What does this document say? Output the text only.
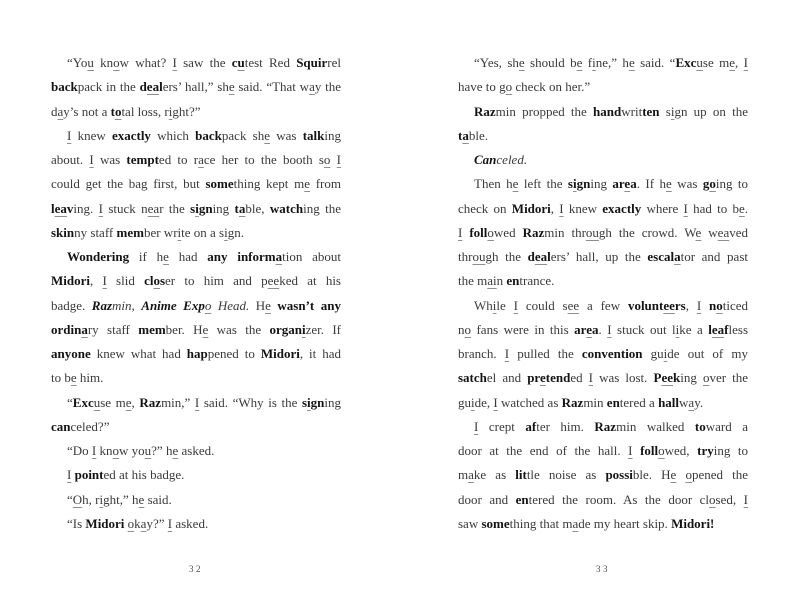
“You know what? I saw the cutest Red Squirrel
backpack in the dealers’ hall,” she said. “That way the
day’s not a total loss, right?”
I knew exactly which backpack she was talking
about. I was tempted to race her to the booth so I
could get the bag first, but something kept me from
leaving. I stuck near the signing table, watching the
skinny staff member write on a sign.
Wondering if he had any information about
Midori, I slid closer to him and peeked at his
badge. Razmin, Anime Expo Head. He wasn’t any
ordinary staff member. He was the organizer. If
anyone knew what had happened to Midori, it had
to be him.
“Excuse me, Razmin,” I said. “Why is the signing
canceled?”
“Do I know you?” he asked.
I pointed at his badge.
“Oh, right,” he said.
“Is Midori okay?” I asked.
32
“Yes, she should be fine,” he said. “Excuse me, I
have to go check on her.”
Razmin propped the handwritten sign up on the
table.
Canceled.
Then he left the signing area. If he was going to
check on Midori, I knew exactly where I had to be.
I followed Razmin through the crowd. We weaved
through the dealers’ hall, up the escalator and past
the main entrance.
While I could see a few volunteers, I noticed
no fans were in this area. I stuck out like a leafless
branch. I pulled the convention guide out of my
satchel and pretended I was lost. Peeking over the
guide, I watched as Razmin entered a hallway.
I crept after him. Razmin walked toward a
door at the end of the hall. I followed, trying to
make as little noise as possible. He opened the
door and entered the room. As the door closed, I
saw something that made my heart skip. Midori!
33
